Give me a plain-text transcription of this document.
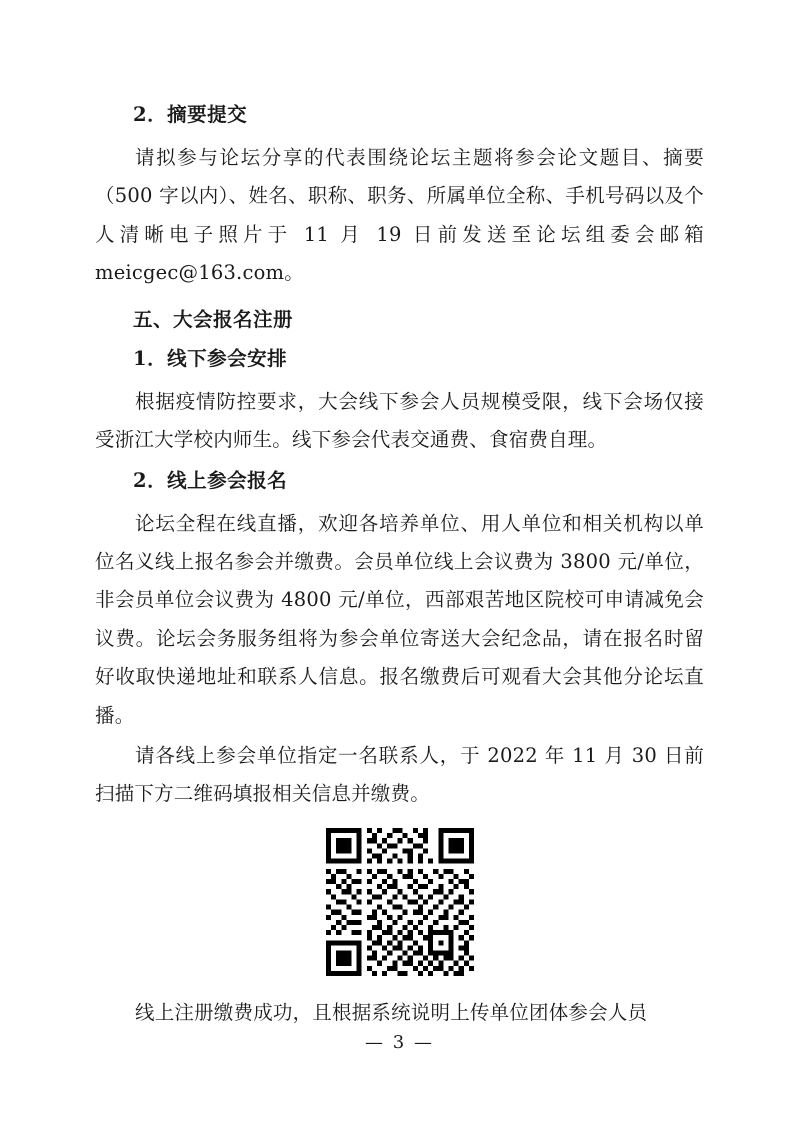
2．摘要提交

请拟参与论坛分享的代表围绕论坛主题将参会论文题目、摘要（500 字以内）、姓名、职称、职务、所属单位全称、手机号码以及个人清晰电子照片于 11 月 19 日前发送至论坛组委会邮箱 meicgec@163.com。

五、大会报名注册
1．线下参会安排

根据疫情防控要求，大会线下参会人员规模受限，线下会场仅接受浙江大学校内师生。线下参会代表交通费、食宿费自理。

2．线上参会报名

论坛全程在线直播，欢迎各培养单位、用人单位和相关机构以单位名义线上报名参会并缴费。会员单位线上会议费为 3800 元/单位，非会员单位会议费为 4800 元/单位，西部艰苦地区院校可申请减免会议费。论坛会务服务组将为参会单位寄送大会纪念品，请在报名时留好收取快递地址和联系人信息。报名缴费后可观看大会其他分论坛直播。

请各线上参会单位指定一名联系人，于 2022 年 11 月 30 日前扫描下方二维码填报相关信息并缴费。

线上注册缴费成功，且根据系统说明上传单位团体参会人员

— 3 —
